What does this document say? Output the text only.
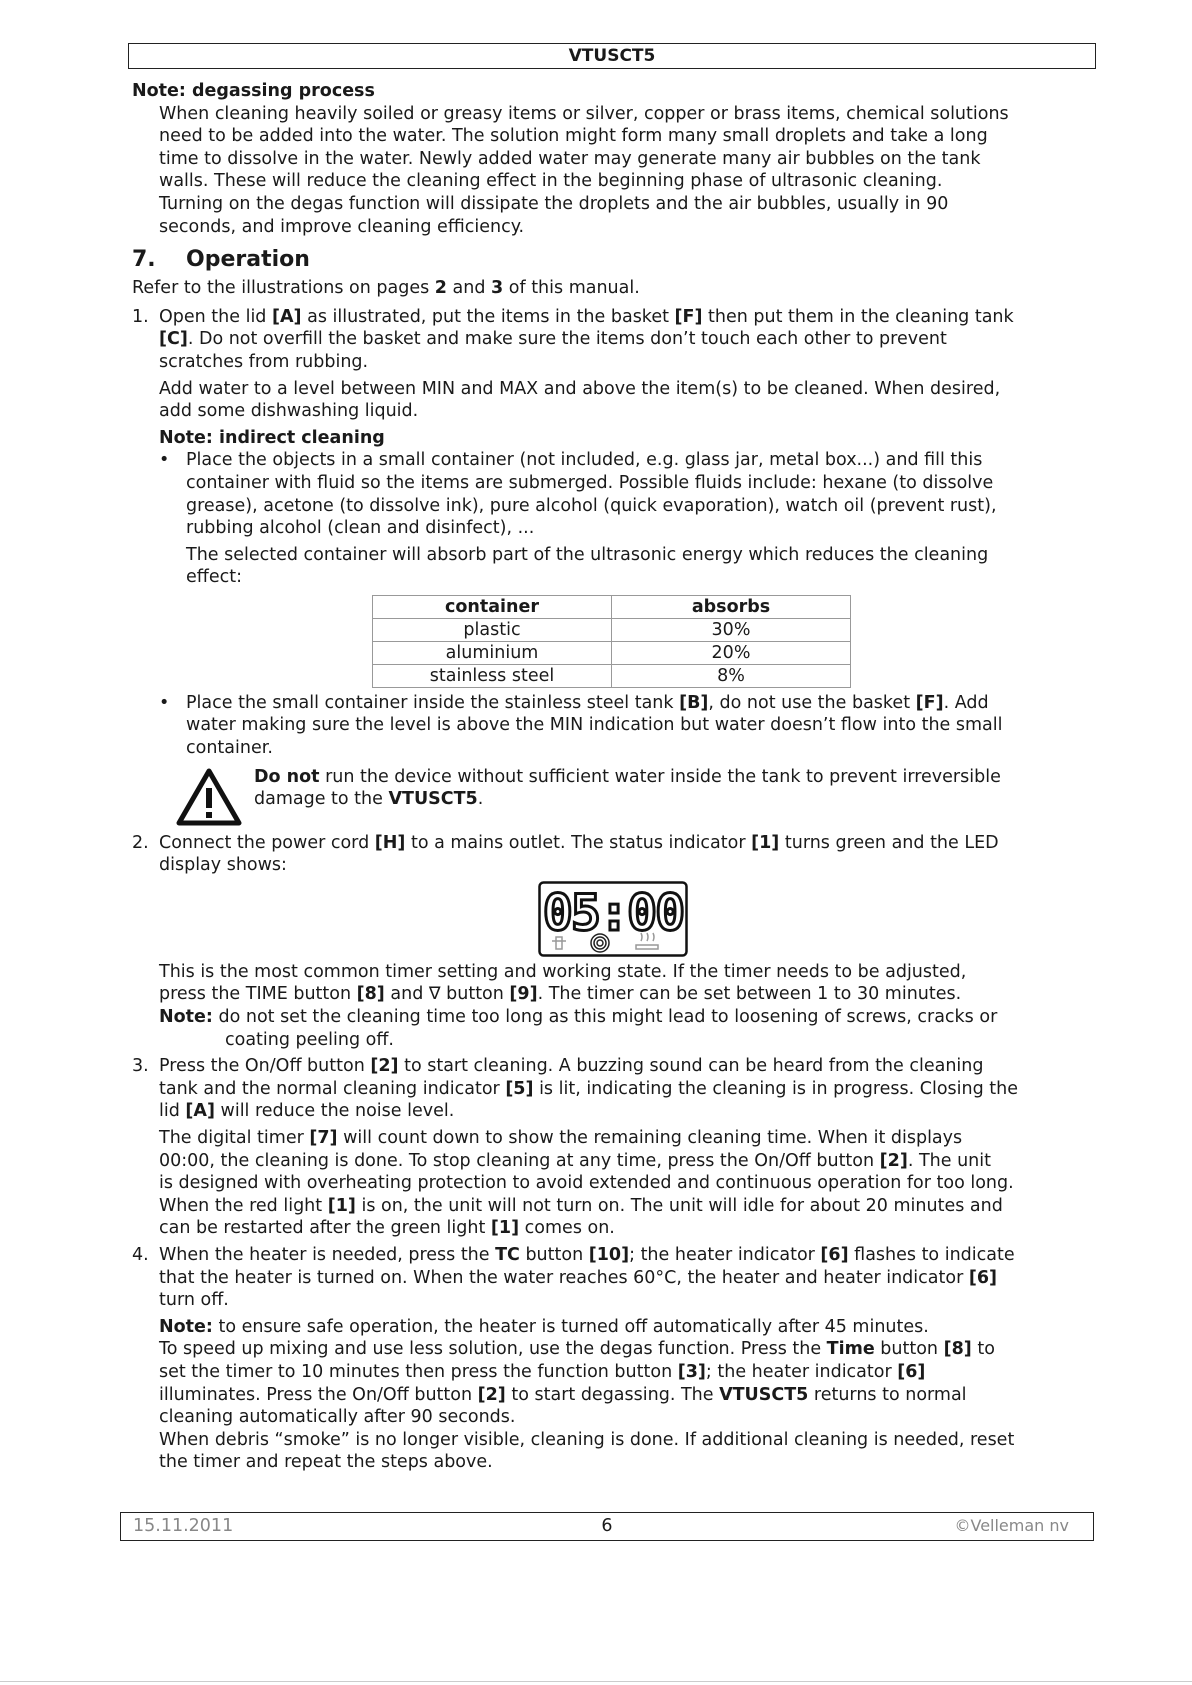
VTUSCT5

Note: degassing process

When cleaning heavily soiled or greasy items or silver, copper or brass items, chemical solutions

need to be added into the water. The solution might form many small droplets and take a long

time to dissolve in the water. Newly added water may generate many air bubbles on the tank

walls. These will reduce the cleaning effect in the beginning phase of ultrasonic cleaning.

Turning on the degas function will dissipate the droplets and the air bubbles, usually in 90

seconds, and improve cleaning efficiency.

7. Operation

Refer to the illustrations on pages 2 and 3 of this manual.

1. Open the lid [A] as illustrated, put the items in the basket [F] then put them in the cleaning tank

[C]. Do not overfill the basket and make sure the items don’t touch each other to prevent

scratches from rubbing.

Add water to a level between MIN and MAX and above the item(s) to be cleaned. When desired,

add some dishwashing liquid.

Note: indirect cleaning

• Place the objects in a small container (not included, e.g. glass jar, metal box...) and fill this

container with fluid so the items are submerged. Possible fluids include: hexane (to dissolve

grease), acetone (to dissolve ink), pure alcohol (quick evaporation), watch oil (prevent rust),

rubbing alcohol (clean and disinfect), ...

The selected container will absorb part of the ultrasonic energy which reduces the cleaning

effect:

container	absorbs
plastic	30%
aluminium	20%
stainless steel	8%
• Place the small container inside the stainless steel tank [B], do not use the basket [F]. Add

water making sure the level is above the MIN indication but water doesn’t flow into the small

container.

Do not run the device without sufficient water inside the tank to prevent irreversible

damage to the VTUSCT5.

2. Connect the power cord [H] to a mains outlet. The status indicator [1] turns green and the LED

display shows:

05:00

This is the most common timer setting and working state. If the timer needs to be adjusted,

press the TIME button [8] and ∇ button [9]. The timer can be set between 1 to 30 minutes.

Note: do not set the cleaning time too long as this might lead to loosening of screws, cracks or

coating peeling off.

3. Press the On/Off button [2] to start cleaning. A buzzing sound can be heard from the cleaning

tank and the normal cleaning indicator [5] is lit, indicating the cleaning is in progress. Closing the

lid [A] will reduce the noise level.

The digital timer [7] will count down to show the remaining cleaning time. When it displays

00:00, the cleaning is done. To stop cleaning at any time, press the On/Off button [2]. The unit

is designed with overheating protection to avoid extended and continuous operation for too long.

When the red light [1] is on, the unit will not turn on. The unit will idle for about 20 minutes and

can be restarted after the green light [1] comes on.

4. When the heater is needed, press the TC button [10]; the heater indicator [6] flashes to indicate

that the heater is turned on. When the water reaches 60°C, the heater and heater indicator [6]

turn off.

Note: to ensure safe operation, the heater is turned off automatically after 45 minutes.

To speed up mixing and use less solution, use the degas function. Press the Time button [8] to

set the timer to 10 minutes then press the function button [3]; the heater indicator [6]

illuminates. Press the On/Off button [2] to start degassing. The VTUSCT5 returns to normal

cleaning automatically after 90 seconds.

When debris “smoke” is no longer visible, cleaning is done. If additional cleaning is needed, reset

the timer and repeat the steps above.

15.11.2011	6	©Velleman nv
